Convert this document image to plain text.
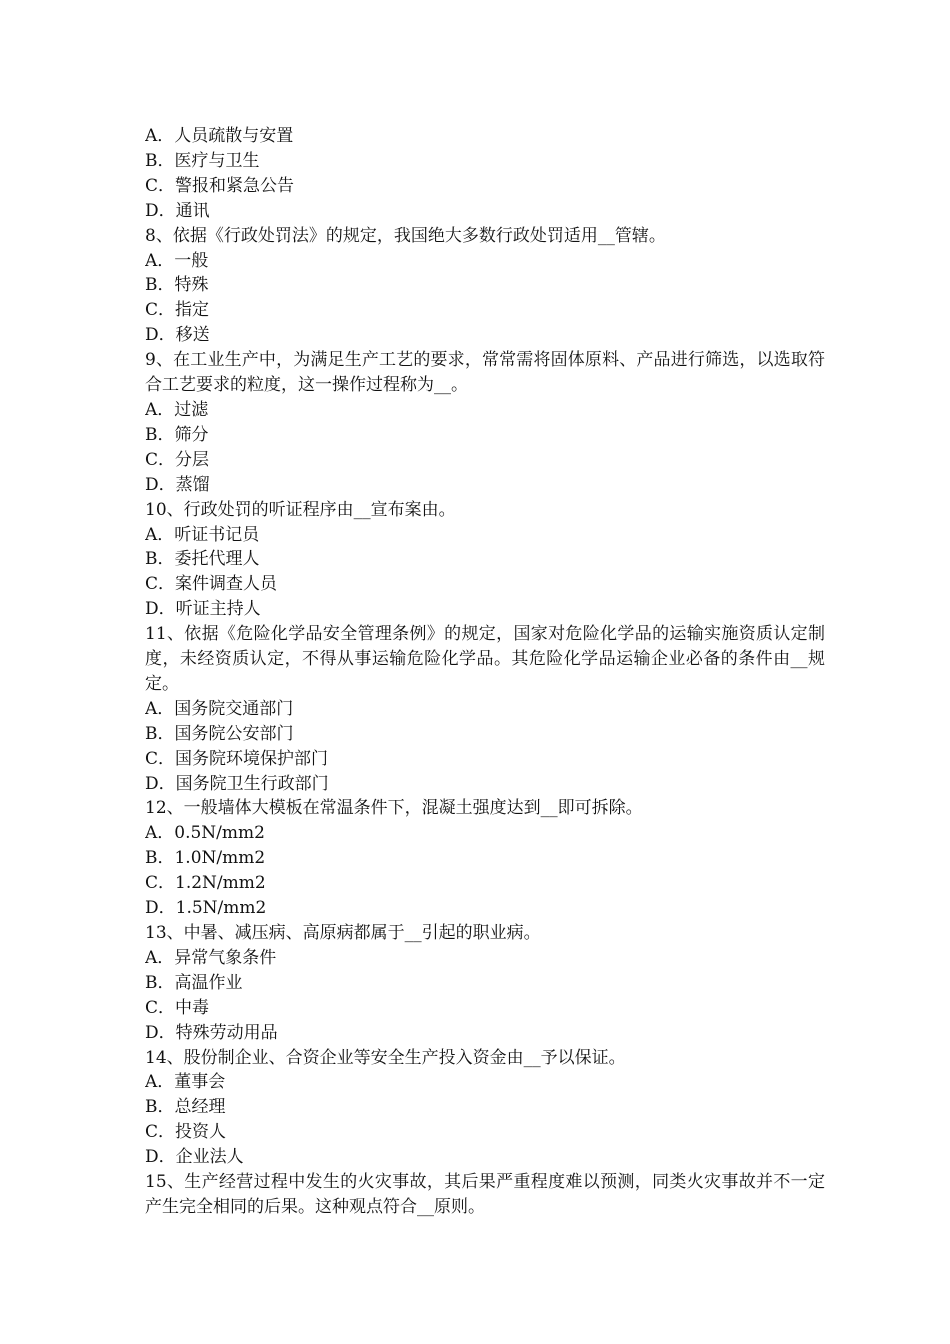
A．人员疏散与安置
B．医疗与卫生
C．警报和紧急公告
D．通讯
8、依据《行政处罚法》的规定，我国绝大多数行政处罚适用__管辖。
A．一般
B．特殊
C．指定
D．移送
9、在工业生产中，为满足生产工艺的要求，常常需将固体原料、产品进行筛选，以选取符合工艺要求的粒度，这一操作过程称为__。
A．过滤
B．筛分
C．分层
D．蒸馏
10、行政处罚的听证程序由__宣布案由。
A．听证书记员
B．委托代理人
C．案件调查人员
D．听证主持人
11、依据《危险化学品安全管理条例》的规定，国家对危险化学品的运输实施资质认定制度，未经资质认定，不得从事运输危险化学品。其危险化学品运输企业必备的条件由__规定。
A．国务院交通部门
B．国务院公安部门
C．国务院环境保护部门
D．国务院卫生行政部门
12、一般墙体大模板在常温条件下，混凝土强度达到__即可拆除。
A．0.5N/mm2
B．1.0N/mm2
C．1.2N/mm2
D．1.5N/mm2
13、中暑、减压病、高原病都属于__引起的职业病。
A．异常气象条件
B．高温作业
C．中毒
D．特殊劳动用品
14、股份制企业、合资企业等安全生产投入资金由__予以保证。
A．董事会
B．总经理
C．投资人
D．企业法人
15、生产经营过程中发生的火灾事故，其后果严重程度难以预测，同类火灾事故并不一定产生完全相同的后果。这种观点符合__原则。
